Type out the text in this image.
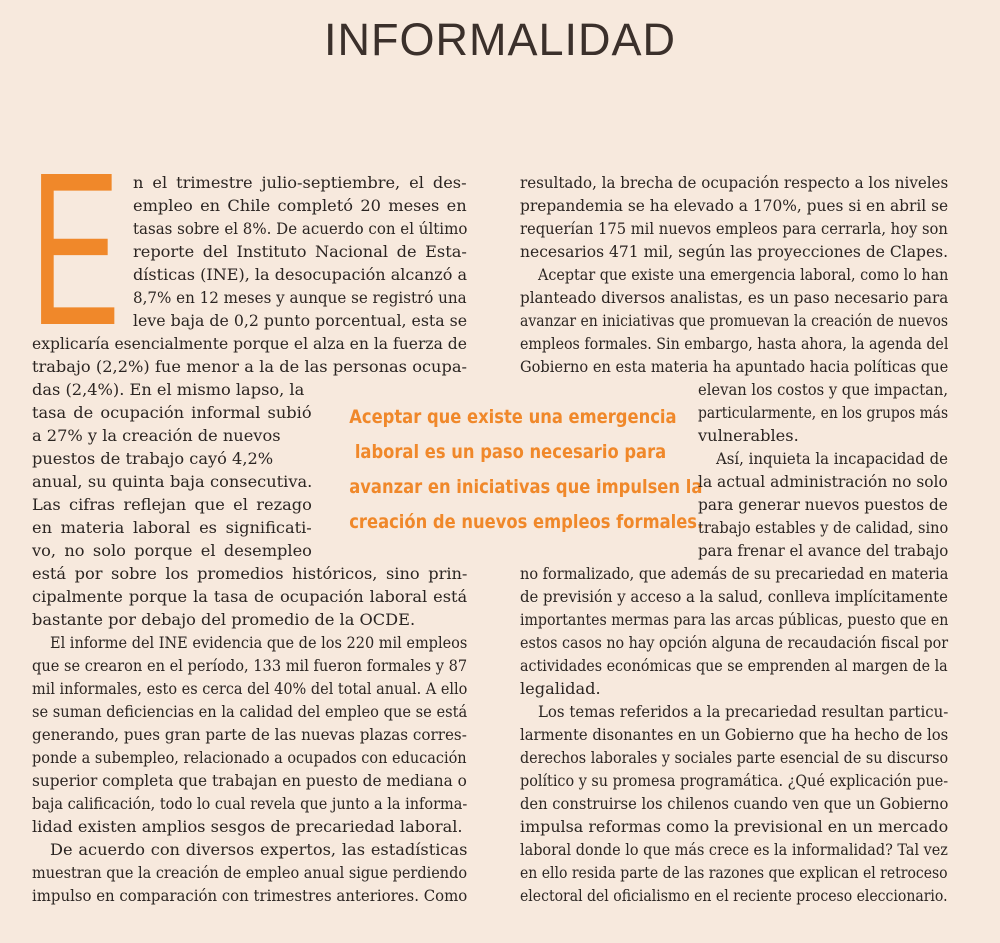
INFORMALIDAD
E
Aceptar que existe una emergencia
laboral es un paso necesario para
avanzar en iniciativas que impulsen la
creación de nuevos empleos formales.
n el trimestre julio-septiembre, el des-
empleo en Chile completó 20 meses en
tasas sobre el 8%. De acuerdo con el último
reporte del Instituto Nacional de Esta-
dísticas (INE), la desocupación alcanzó a
8,7% en 12 meses y aunque se registró una
leve baja de 0,2 punto porcentual, esta se
explicaría esencialmente porque el alza en la fuerza de
trabajo (2,2%) fue menor a la de las personas ocupa-
das (2,4%). En el mismo lapso, la
tasa de ocupación informal subió
a 27% y la creación de nuevos
puestos de trabajo cayó 4,2%
anual, su quinta baja consecutiva.
Las cifras reflejan que el rezago
en materia laboral es significati-
vo, no solo porque el desempleo
está por sobre los promedios históricos, sino prin-
cipalmente porque la tasa de ocupación laboral está
bastante por debajo del promedio de la OCDE.
El informe del INE evidencia que de los 220 mil empleos
que se crearon en el período, 133 mil fueron formales y 87
mil informales, esto es cerca del 40% del total anual. A ello
se suman deficiencias en la calidad del empleo que se está
generando, pues gran parte de las nuevas plazas corres-
ponde a subempleo, relacionado a ocupados con educación
superior completa que trabajan en puesto de mediana o
baja calificación, todo lo cual revela que junto a la informa-
lidad existen amplios sesgos de precariedad laboral.
De acuerdo con diversos expertos, las estadísticas
muestran que la creación de empleo anual sigue perdiendo
impulso en comparación con trimestres anteriores. Como
resultado, la brecha de ocupación respecto a los niveles
prepandemia se ha elevado a 170%, pues si en abril se
requerían 175 mil nuevos empleos para cerrarla, hoy son
necesarios 471 mil, según las proyecciones de Clapes.
Aceptar que existe una emergencia laboral, como lo han
planteado diversos analistas, es un paso necesario para
avanzar en iniciativas que promuevan la creación de nuevos
empleos formales. Sin embargo, hasta ahora, la agenda del
Gobierno en esta materia ha apuntado hacia políticas que
elevan los costos y que impactan,
particularmente, en los grupos más
vulnerables.
Así, inquieta la incapacidad de
la actual administración no solo
para generar nuevos puestos de
trabajo estables y de calidad, sino
para frenar el avance del trabajo
no formalizado, que además de su precariedad en materia
de previsión y acceso a la salud, conlleva implícitamente
importantes mermas para las arcas públicas, puesto que en
estos casos no hay opción alguna de recaudación fiscal por
actividades económicas que se emprenden al margen de la
legalidad.
Los temas referidos a la precariedad resultan particu-
larmente disonantes en un Gobierno que ha hecho de los
derechos laborales y sociales parte esencial de su discurso
político y su promesa programática. ¿Qué explicación pue-
den construirse los chilenos cuando ven que un Gobierno
impulsa reformas como la previsional en un mercado
laboral donde lo que más crece es la informalidad? Tal vez
en ello resida parte de las razones que explican el retroceso
electoral del oficialismo en el reciente proceso eleccionario.
